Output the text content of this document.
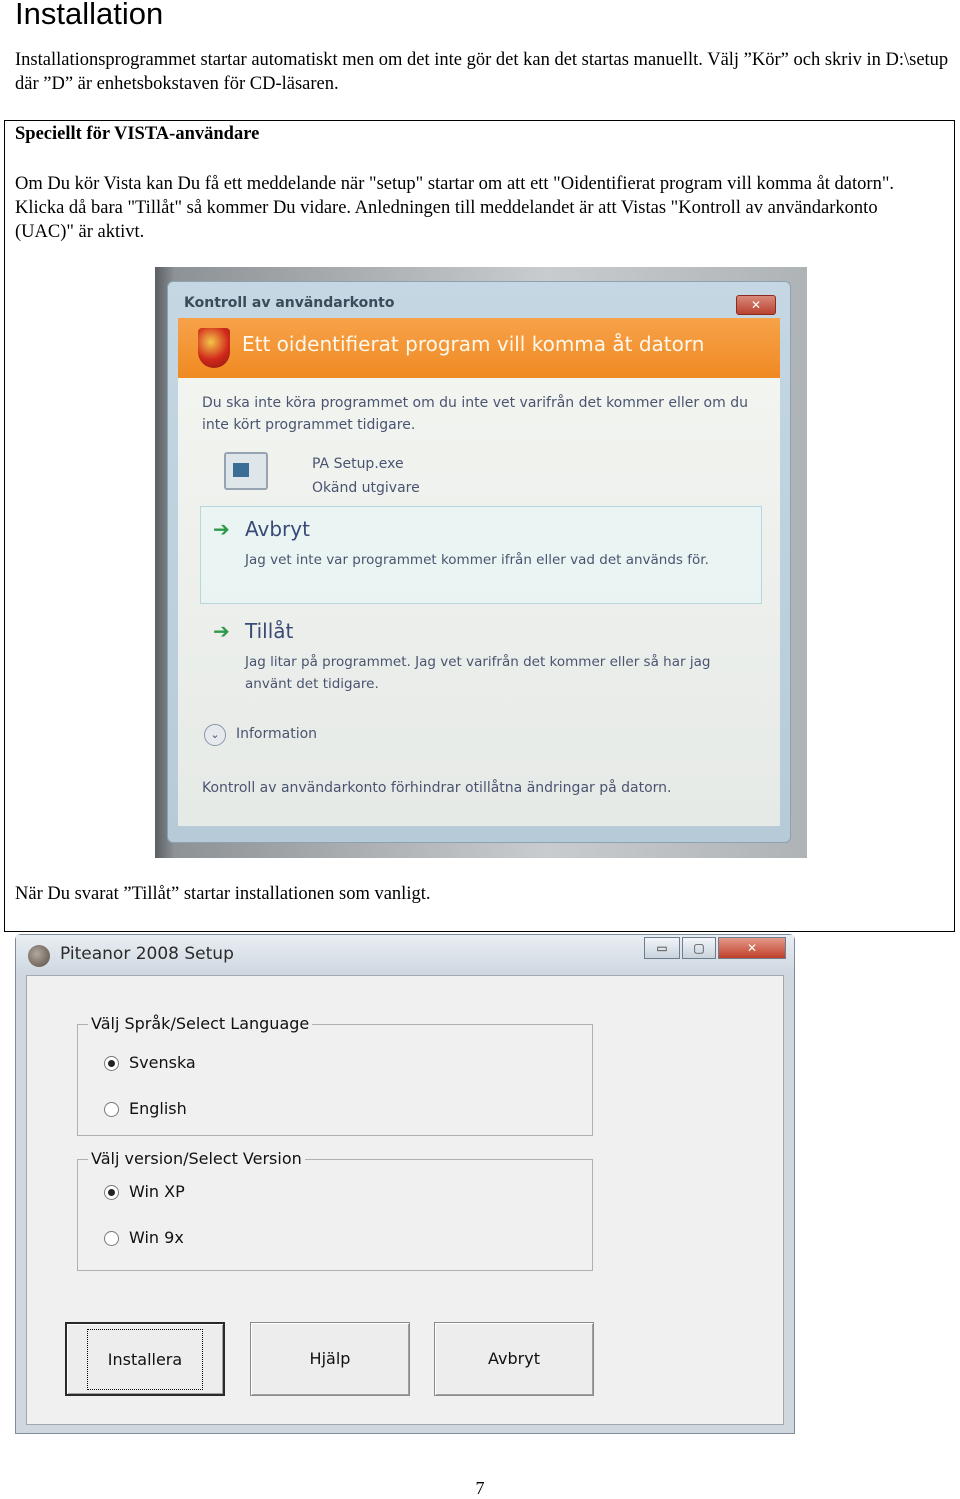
Installation

Installationsprogrammet startar automatiskt men om det inte gör det kan det startas manuellt. Välj ”Kör” och skriv in D:\setup där ”D” är enhetsbokstaven för CD-läsaren.

Speciellt för VISTA-användare

Om Du kör Vista kan Du få ett meddelande när "setup" startar om att ett "Oidentifierat program vill komma åt datorn". Klicka då bara "Tillåt" så kommer Du vidare. Anledningen till meddelandet är att Vistas "Kontroll av användarkonto (UAC)" är aktivt.

Kontroll av användarkonto	✕
Ett oidentifierat program vill komma åt datorn
Du ska inte köra programmet om du inte vet varifrån det kommer eller om du inte kört programmet tidigare.
PA Setup.exe
Okänd utgivare
➔ Avbryt
Jag vet inte var programmet kommer ifrån eller vad det används för.
➔ Tillåt
Jag litar på programmet. Jag vet varifrån det kommer eller så har jag använt det tidigare.
⌄	Information
Kontroll av användarkonto förhindrar otillåtna ändringar på datorn.

När Du svarat ”Tillåt” startar installationen som vanligt.

Piteanor 2008 Setup	▭	▢	✕
Välj Språk/Select Language
Svenska
English
Välj version/Select Version
Win XP
Win 9x
Installera	Hjälp	Avbryt
7
